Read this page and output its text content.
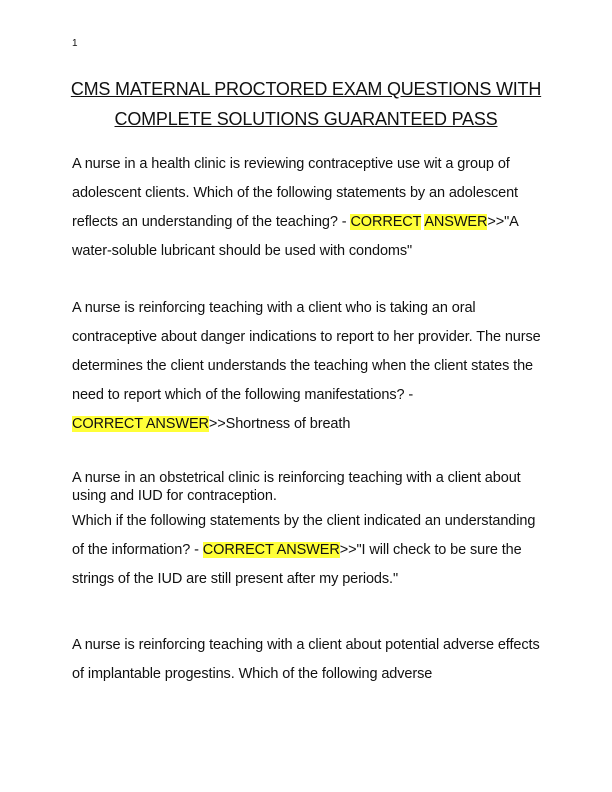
1
CMS MATERNAL PROCTORED EXAM QUESTIONS WITH
COMPLETE SOLUTIONS GUARANTEED PASS

A nurse in a health clinic is reviewing contraceptive use wit a group of adolescent clients. Which of the following statements by an adolescent reflects an understanding of the teaching? - CORRECT ANSWER>>"A water-soluble lubricant should be used with condoms"

A nurse is reinforcing teaching with a client who is taking an oral contraceptive about danger indications to report to her provider. The nurse determines the client understands the teaching when the client states the need to report which of the following manifestations? -
CORRECT ANSWER>>Shortness of breath

A nurse in an obstetrical clinic is reinforcing teaching with a client about using and IUD for contraception.

Which if the following statements by the client indicated an understanding of the information? - CORRECT ANSWER>>"I will check to be sure the strings of the IUD are still present after my periods."

A nurse is reinforcing teaching with a client about potential adverse effects of implantable progestins. Which of the following adverse
